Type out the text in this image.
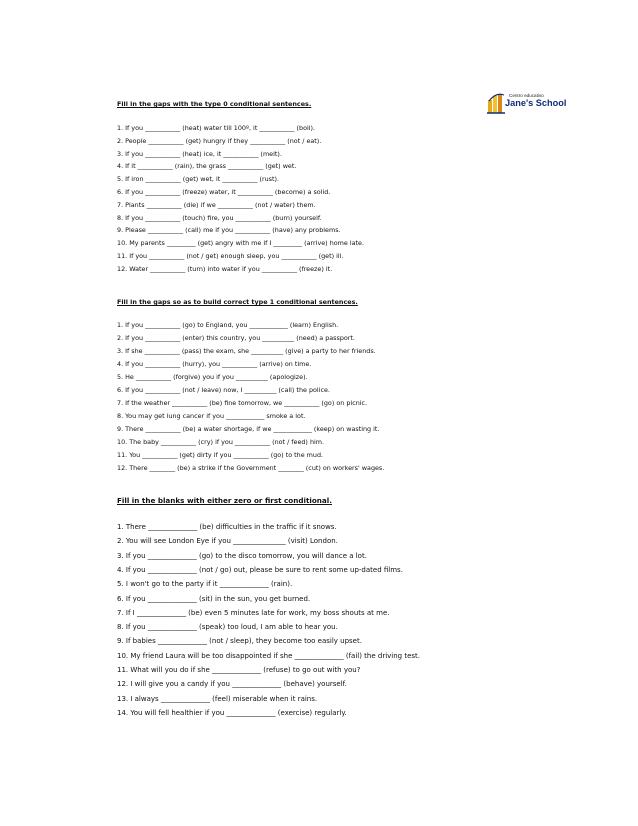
Fill in the gaps with the type 0 conditional sentences.
Centro educativo
Jane's School
1. If you ___________ (heat) water till 100º, it ___________ (boil).
2. People ___________ (get) hungry if they ___________ (not / eat).
3. If you ___________ (heat) ice, it ___________ (melt).
4. If it ___________ (rain), the grass ___________ (get) wet.
5. If iron ___________ (get) wet, it ___________ (rust).
6. If you ___________ (freeze) water, it ___________ (become) a solid.
7. Plants ___________ (die) if we ___________ (not / water) them.
8. If you ___________ (touch) fire, you ___________ (burn) yourself.
9. Please ___________ (call) me if you ___________ (have) any problems.
10. My parents _________ (get) angry with me if I _________ (arrive) home late.
11. If you ___________ (not / get) enough sleep, you ___________ (get) ill.
12. Water ___________ (turn) into water if you ___________ (freeze) it.
Fill in the gaps so as to build correct type 1 conditional sentences.
1. If you ___________ (go) to England, you ____________ (learn) English.
2. If you ___________ (enter) this country, you __________ (need) a passport.
3. If she ___________ (pass) the exam, she __________ (give) a party to her friends.
4. If you ___________ (hurry), you ___________ (arrive) on time.
5. He ___________ (forgive) you if you __________ (apologize).
6. If you ___________ (not / leave) now, I __________ (call) the police.
7. If the weather ___________ (be) fine tomorrow, we ___________ (go) on picnic.
8. You may get lung cancer if you ____________ smoke a lot.
9. There ___________ (be) a water shortage, if we ____________ (keep) on wasting it.
10. The baby ___________ (cry) if you ___________ (not / feed) him.
11. You ___________ (get) dirty if you ___________ (go) to the mud.
12. There ________ (be) a strike if the Government ________ (cut) on workers' wages.
Fill in the blanks with either zero or first conditional.
1. There ______________ (be) difficulties in the traffic if it snows.
2. You will see London Eye if you _______________ (visit) London.
3. If you ______________ (go) to the disco tomorrow, you will dance a lot.
4. If you ______________ (not / go) out, please be sure to rent some up-dated films.
5. I won't go to the party if it ______________ (rain).
6. If you ______________ (sit) in the sun, you get burned.
7. If I ______________ (be) even 5 minutes late for work, my boss shouts at me.
8. If you ______________ (speak) too loud, I am able to hear you.
9. If babies ______________ (not / sleep), they become too easily upset.
10. My friend Laura will be too disappointed if she ______________ (fail) the driving test.
11. What will you do if she ______________ (refuse) to go out with you?
12. I will give you a candy if you ______________ (behave) yourself.
13. I always ______________ (feel) miserable when it rains.
14. You will fell healthier if you ______________ (exercise) regularly.
